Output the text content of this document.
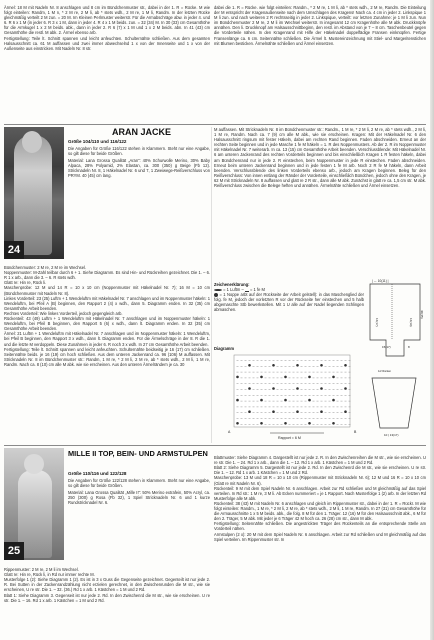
Ärmel: 18 M mit Nadeln Nr. 8 anschlagen und 8 cm im Bündchenmuster str., dabei in der 1. R = Rücke. M wie folgt einteilen: Randm, 1 M n, * 2 M re, 2 M li, ab * stets wdh., 2 M re, 1 M li, Randm. In der letzten Rücke gleichmäßig verteilt 2 M zun. = 20 M. Im Kleinen Perlmuster weiterstr. Für die Armabschräge abw. in jeder 4. und 6. R 6 x 1 M (in jeder 6. R 3 x 1 M, dann in jeder 4. R 4 x 1 M beids. zun. = 32 (34) M. In 30 (33) cm Gesamthöhe für die Armkugel 1 x 2 M beids. abk., dann in jeder 2. R 6 (7) x 1 M und 1 x 2 M beids. abn. In 41 (43) cm Gesamthöhe die restl. M abk. 2. Ärmel ebenso arb.

Fertigstellung: Teile lt. Schnitt spannen und leicht anfeuchten. Schulternähte schließen. Aus dem gesamten Halsausschnitt ca. 61 M auffassen und zwei immer abwechselnd 1 x von der Innenseite und 1 x von der Außenseite aus einstricken. Mit Nadeln Nr. 8 str.

dabei die 1. R = Rücke. wie folgt einteilen: Randm., * 2 M re, 1 M li, ab * stets wdh., 2 M re, Randm. Die Einteilung der M entspricht der Kragenaußenseite nach dem Umschlagen des Kragens! Nach ca. 4 cm in jeder 2. Linkspique 1 M li zun. und nach weiteren 2 R rechtsseitig in jeder 2. Linkspique, verteilt: vor letzten Zunahme: je 1 M li zun. Nun im Bündchenmuster 2 M re, 2 M li im Wechsel weiterstr. In insgesamt 12 cm Kragenhöhe alle M abk. Druckknöpfe annähen. Den li. Druckknopf am Halsausschnittbeginn, den restl. im Abstand von je 7 – 8 cm. Taschenbeutel gegen die Vorderteile nähen. In den Kragenrand mit Hilfe der Häkelnadel doppelfädige Fransen einknüpfen. Fertige Fransenlänge ca. 6 cm. Seitennähte schließen. Die Ärmel lt. Mustereinzeichnung mit Stiel- und Margeritenstichen mit Blumen besticken. Ärmelnähte schließen und Ärmel einsetzen.

24
ARAN JACKE
Größe 104/110 und 116/122

Die Angaben für Größe 116/122 stehen in Klammern. Steht nur eine Angabe, so gilt diese für beide Größen.

Material: Lana Grossa Qualität „Aran“: 40% Schurwolle Merino, 30% Baby Alpaca, 28% Polyamid, 2% Elastan, ca. 300 (350) g Beige (Fb 12). Stricknadeln Nr. 8, 1 Häkelnadel Nr. 6 und 7, 1 Zweiwege-Reißverschluss von PRYM. 40 (45) cm lang.

Bündchenmuster: 2 M re, 2 M re im Wechsel.
Noppenmuster: M-Zahl teilbar durch 6 + 1. Siehe Diagramm. Es sind Hin- und Rückreihen gezeichnet. Die 1. – 6. R 1 x arb., dann die 3. – 6. R stets wdh.
Glatt re: Hin re, Rück li.
Maschenprobe: 12 M und 14 R = 10 x 10 cm (Noppenmuster mit Häkelnadel Nr. 7); 16 M = 10 cm (Bündchenmuster mit Nadeln Nr. 8).
Linkes Vorderteil: 23 (25) Luftm + 1 Wendeluftm mit Häkelnadel Nr. 7 anschlagen und im Noppenmuster häkeln: 1 Wendeluftm, bei Pfeil A (B) beginnen, den Rapport 2 (4) x wdh., dann 5. Diagramm enden. In 32 (35) cm Gesamthöhe Arbeit beenden.
Rechtes Vorderteil: Wie linkes Vorderteil, jedoch gegengleich arb.
Rückenteil: 43 (49) Luftm + 1 Wendeluftm mit Häkelnadel Nr. 7 anschlagen und im Noppenmuster häkeln: 1 Wendeluftm, bei Pfeil B beginnen, den Rapport 5 (6) x wdh., dann lt. Diagramm enden. In 32 (35) cm Gesamthöhe Arbeit beenden.
Ärmel: 21 Luftm + 1 Wendeluftm mit Häkelnadel Nr. 7 anschlagen und im Noppenmuster häkeln: 1 Wendeluftm, bei Pfeil B beginnen, den Rapport 3 x wdh., dann lt. Diagramm enden. Für die Ärmelschräge in der 8. R die 1. und die letzte M verdoppeln. Diese Zunahmen in jeder 6. R noch 3 x wdh. In 27 cm Gesamthöhe Arbeit beenden.
Fertigstellung: Teile lt. Schnitt spannen und leicht anfeuchten. Schulternähte beidseitig je 16 (17) cm schließen. Seitennähte beids. je 16 (19) cm hoch schließen. Aus dem unteren Jackenrand ca. 96 (106) M auffassen. Mit Stricknadeln Nr. 8 im Bündchenmuster str.: Randm, 1 M re, * 2 M li, 2 M re, ab * stets wdh., 2 M li, 1 M re, Randm. Nach ca. 8 (10) cm alle M abk. wie sie erscheinen. Aus den unteren Ärmelrändern je ca. 30

M auffassen. Mit Stricknadeln Nr. 8 im Bündchenmuster str.: Randm., 1 M re, * 2 M li, 2 M re, ab * stets wdh., 2 M li, 1 M re, Randm. Nach ca. 7 (9) cm alle M abk., wie sie erscheinen. Kragen: Mit der Häkelnadel Nr. 6 den Halsausschnitt ringsum mit fester Häkeln, dabei am rechten Rand beginnen. Faden abschneiden. Erneut an der rechten Seite beginnen und in jede Masche 1 fe M häkeln = 1. R des Noppenmusters. Ab der 2. R im Noppenmuster mit Häkelnadel Nr. 7 weiterarb. In ca. 13 (15) cm Gesamthöhe Arbeit beenden. Verschlussblende: Mit Häkelnadel Nr. 6 am unteren Jackenrand des rechten Vorderteils beginnen und bis einschließlich Kragen 1 R festen häkeln, dabei am Bündchenrand nur in jede 2. R einstechen, beim Noppenmuster in jede R einstechen. Faden abschneiden. Erneut beim unteren Jackenrand beginnen und in jede festen 1 fe M arb. Noch 2 R fe M häkeln, dann Arbeit beenden. Verschlussblende des linken Vorderteils ebenso arb., jedoch am Kragen beginnen. Beleg für den Reißverschluss: Von innen entlang der Ränder der Vorderteile, einschließlich Bündchen, jedoch ohne den Kragen, je 62 M mit Stricknadeln Nr. 8 auffassen und glatt re 2 R str., dann alle M abk. Zunächst in glatt re ca. 1,5 cm str. M abk. Reißverschluss zwischen die Belege heften und annähen. Ärmelnähte schließen und Ärmel einsetzen.

Zeichenerklärung:

= 1 Luftm – = 1 fe M

= 1 Noppe arbt auf der Rückseite der Arbeit gelstell): in das Maschenglied der folg. fe M, jedoch der vorletzten R vor der Rückseite her einstechen und 5 halb abgemaschte Stb bewerkstellen. Mit 1 U alle auf der Nadel liegenden Schlingen abmaschen.

| ↔ 10(11) |
40(45)
16(19)
16(17)
15(17)	8
10 | 13(17)
1/2 Rücken
Diagramm
Rapport = 6 M
A	B
25
MILLE II TOP, BEIN- UND ARMSTULPEN
Größe 110/116 und 122/128

Die Angaben für Größe 122/128 stehen in Klammern. Steht nur eine Angabe, so gilt diese für beide Größen.

Material: Lana Grossa Qualität „Mille II“: 50% Merino extrafein, 50% Acryl, ca. 250 (300) g Rosa (Fb 32), 1 Spiel Stricknadeln Nr. 6 und 1 kurze Rundstricknadel Nr. 6.

Rippenmuster: 2 M re, 2 M li im Wechsel.
Glatt re: Hin re, Rück li, in Rd nur immer rechte M.
Musterfolge 1 (2): Siehe Diagramm 1 (2). Es ist in 3 x Guss die Gegenseite gezeichnet. Gegenteilt ist nur jede 2. R. Bei Sutten in der Zackenrandzählung nicht erzielen gerechnet, in den Zwischenrunden die M str., wie sie erscheinen, U re str. Die 1. – 32. (36.) Rd 1 x arb. 1 Kästchen = 1 M und 2 Rd.
Blatt 1: Siehe Diagramm 3. Gegenseit ist nur jede 2. Rd. In den Zwischenrd die M str., wie sie erscheinen. U re str. Die 1. – 16. Rd 1 x arb. 1 Kästchen = 1 M und 2 Rd.

Blattmuster: Siehe Diagramm 4. Dargestellt ist nur jede 2. R. In den Zwischenreihen die M str., wie sie erscheinen. U re str. Die 1. – 24. Rd 1 x arb., dann die 1. – 12. Rd 1 x arb. 1 Kästchen = 1 M und 2 Rd.
Blatt 2: Siehe Diagramm 5. Dargestellt ist nur jede 2. Rd. In den Zwischenrd die M str., wie sie erscheinen. U re str. Die 1. – 12. Rd 1 x arb. 1 Kästchen = 1 M und 2 Rd.
Maschenprobe: 13 M und 18 R = 10 x 10 cm (Rippenmuster mit Stricknadeln Nr. 6); 12 M und 16 R = 10 x 10 cm (Glatt re mit Nadeln Nr. 6).
Rückenteil: 9 M mit dem Spiel Nadeln Nr. 6 anschlagen. Arbeit zur Rd schließen und M gleichmäßig auf das Spiel verteilen. In Rd str.: 1 M re, 3 M li. Ab Ecken nummeriert = je 1 Rapport. Nach Musterfolge 1 (2) arb. In der letzten Rd Musterfolge alle M abk.
Rückenteil: 38 (43) M mit Nadeln Nr. 6 anschlagen und gleich im Rippenmuster str., dabei in der 1. R = Rückr. M wie folgt einteilen: Randm., 1 M re, * 2 M li, 2 M re, ab * stets wdh., 2 M li, 1 M re, Randm. In 27 (31) cm Gesamthöhe für die Armausschnitte 1 x 5 M beids. abk., die folg. 8 M für den 1. Träger. 12 (16) M für den Halsausschnitt abk., 6 M für den 2. Träger, 5 M abk. Mit jeder je 6 Träger 42 M hoch ca. 26 (28) cm str., dann M abk.
Fertigstellung: Seitennähte schließen. Die angestrickten Träger des Rückenteils an die entsprechende Stelle am Vorderteil nähen.
Armstulpen (2 x): 20 M mit dem Spiel Nadeln Nr. 6 anschlagen. Arbeit zur Rd schließen und M gleichmäßig auf das Spiel verteilen. Im Rippenmuster str. In
